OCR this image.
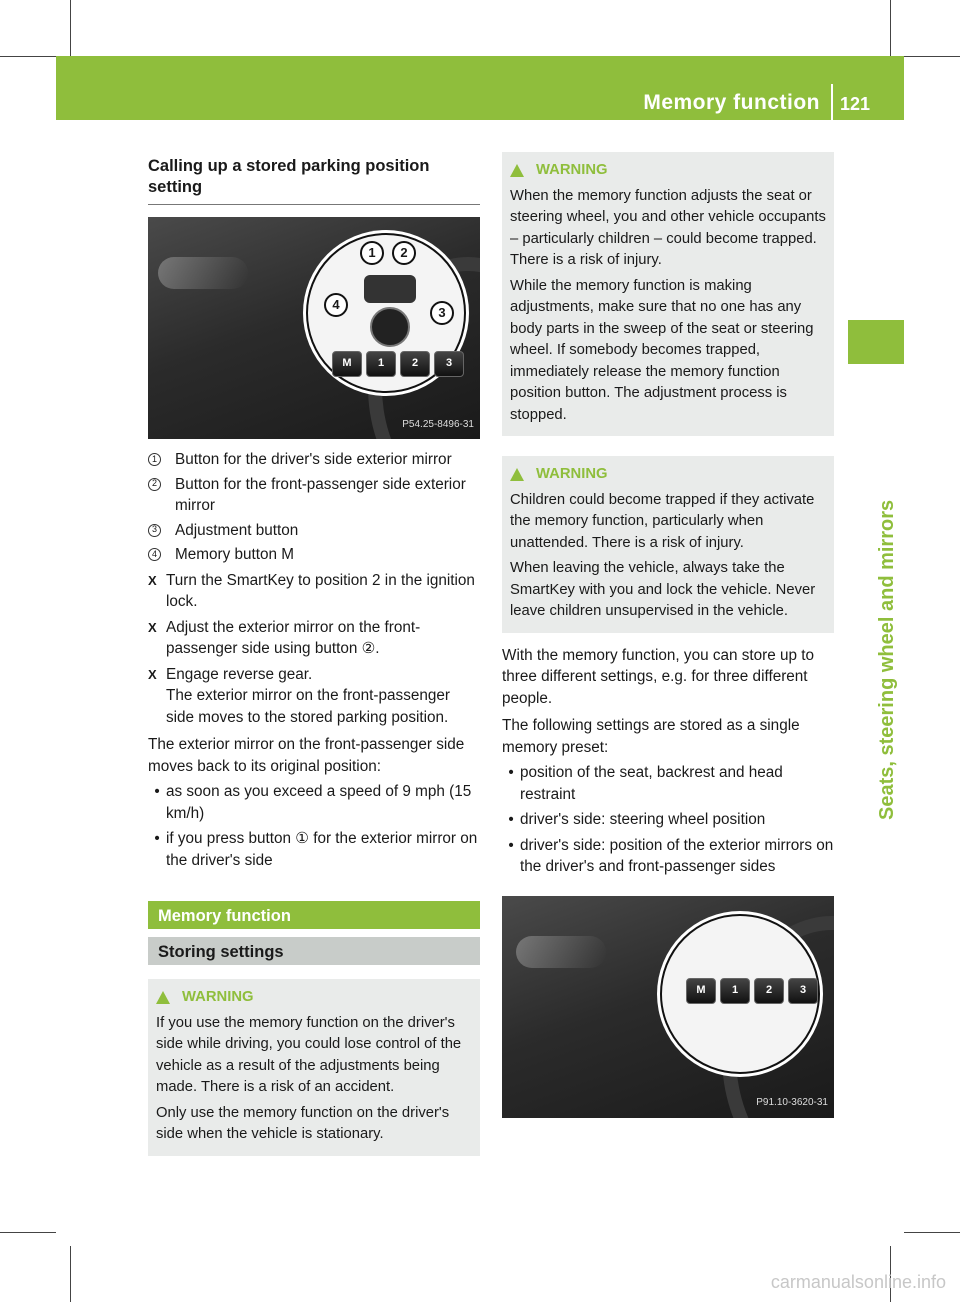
Memory function 121
Seats, steering wheel and mirrors
Calling up a stored parking position setting
1 2
3
4
M	1	2	3
P54.25-8496-31
1 Button for the driver's side exterior mirror
2 Button for the front-passenger side exterior mirror
3 Adjustment button
4 Memory button M
X Turn the SmartKey to position 2 in the ignition lock.
X Adjust the exterior mirror on the front-passenger side using button ②.
X Engage reverse gear.
The exterior mirror on the front-passenger side moves to the stored parking position.
The exterior mirror on the front-passenger side moves back to its original position:
• as soon as you exceed a speed of 9 mph (15 km/h)
• if you press button ① for the exterior mirror on the driver's side
Memory function
Storing settings
WARNING

If you use the memory function on the driver's side while driving, you could lose control of the vehicle as a result of the adjustments being made. There is a risk of an accident.

Only use the memory function on the driver's side when the vehicle is stationary.

WARNING

When the memory function adjusts the seat or steering wheel, you and other vehicle occupants – particularly children – could become trapped. There is a risk of injury.

While the memory function is making adjustments, make sure that no one has any body parts in the sweep of the seat or steering wheel. If somebody becomes trapped, immediately release the memory function position button. The adjustment process is stopped.

WARNING

Children could become trapped if they activate the memory function, particularly when unattended. There is a risk of injury.

When leaving the vehicle, always take the SmartKey with you and lock the vehicle. Never leave children unsupervised in the vehicle.

With the memory function, you can store up to three different settings, e.g. for three different people.
The following settings are stored as a single memory preset:
• position of the seat, backrest and head restraint
• driver's side: steering wheel position
• driver's side: position of the exterior mirrors on the driver's and front-passenger sides
M	1	2	3
P91.10-3620-31
carmanualsonline.info
